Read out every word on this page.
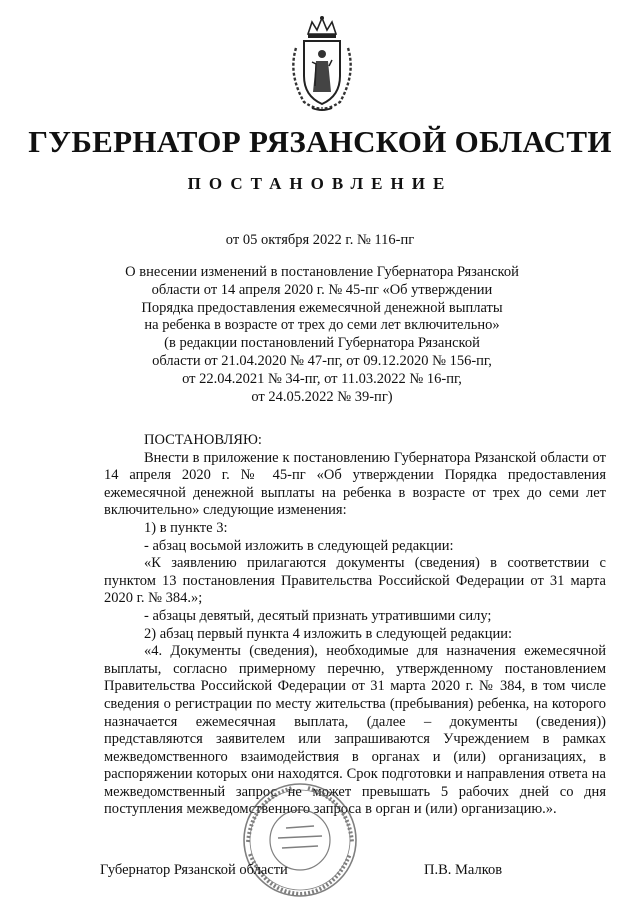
ГУБЕРНАТОР РЯЗАНСКОЙ ОБЛАСТИ
ПОСТАНОВЛЕНИЕ
от 05 октября 2022 г. № 116-пг
О внесении изменений в постановление Губернатора Рязанской
области от 14 апреля 2020 г. № 45-пг «Об утверждении
Порядка предоставления ежемесячной денежной выплаты
на ребенка в возрасте от трех до семи лет включительно»
(в редакции постановлений Губернатора Рязанской
области от 21.04.2020 № 47-пг, от 09.12.2020 № 156-пг,
от 22.04.2021 № 34-пг, от 11.03.2022 № 16-пг,
от 24.05.2022 № 39-пг)

ПОСТАНОВЛЯЮ:

Внести в приложение к постановлению Губернатора Рязанской области от 14 апреля 2020 г. № 45-пг «Об утверждении Порядка предоставления ежемесячной денежной выплаты на ребенка в возрасте от трех до семи лет включительно» следующие изменения:

1) в пункте 3:

- абзац восьмой изложить в следующей редакции:

«К заявлению прилагаются документы (сведения) в соответствии с пунктом 13 постановления Правительства Российской Федерации от 31 марта 2020 г. № 384.»;

- абзацы девятый, десятый признать утратившими силу;

2) абзац первый пункта 4 изложить в следующей редакции:

«4. Документы (сведения), необходимые для назначения ежемесячной выплаты, согласно примерному перечню, утвержденному постановлением Правительства Российской Федерации от 31 марта 2020 г. № 384, в том числе сведения о регистрации по месту жительства (пребывания) ребенка, на которого назначается ежемесячная выплата, (далее – документы (сведения)) представляются заявителем или запрашиваются Учреждением в рамках межведомственного взаимодействия в органах и (или) организациях, в распоряжении которых они находятся. Срок подготовки и направления ответа на межведомственный запрос не может превышать 5 рабочих дней со дня поступления межведомственного запроса в орган и (или) организацию.».

Губернатор Рязанской области	П.В. Малков
